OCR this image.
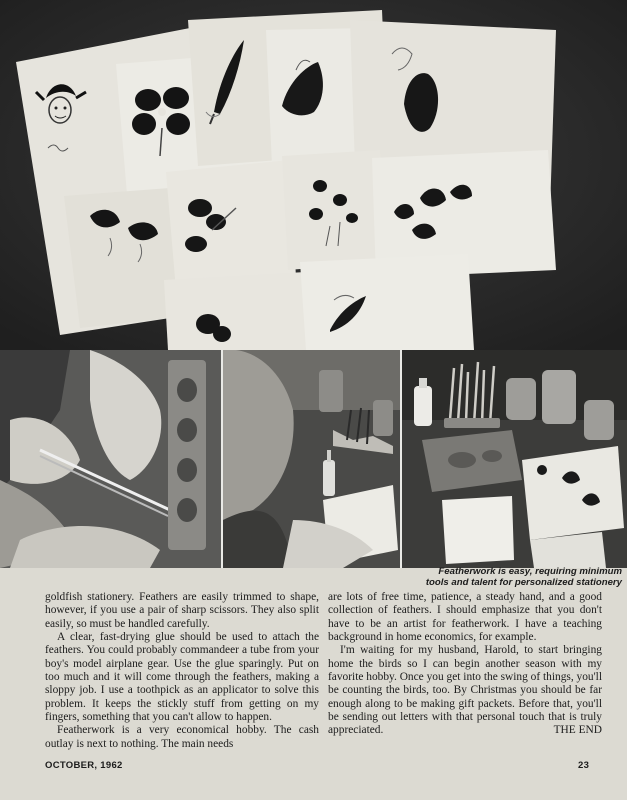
Featherwork is easy, requiring minimum
tools and talent for personalized stationery

goldfish stationery. Feathers are easily trimmed to shape, however, if you use a pair of sharp scissors. They also split easily, so must be handled carefully.

A clear, fast-drying glue should be used to attach the feathers. You could probably commandeer a tube from your boy's model airplane gear. Use the glue sparingly. Put on too much and it will come through the feathers, making a sloppy job. I use a toothpick as an applicator to solve this problem. It keeps the stickly stuff from getting on my fingers, something that you can't allow to happen.

Featherwork is a very economical hobby. The cash outlay is next to nothing. The main needs

are lots of free time, patience, a steady hand, and a good collection of feathers. I should emphasize that you don't have to be an artist for featherwork. I have a teaching background in home economics, for example.

I'm waiting for my husband, Harold, to start bringing home the birds so I can begin another season with my favorite hobby. Once you get into the swing of things, you'll be counting the birds, too. By Christmas you should be far enough along to be making gift packets. Before that, you'll be sending out letters with that personal touch that is truly appreciated.	THE END

OCTOBER, 1962	23
